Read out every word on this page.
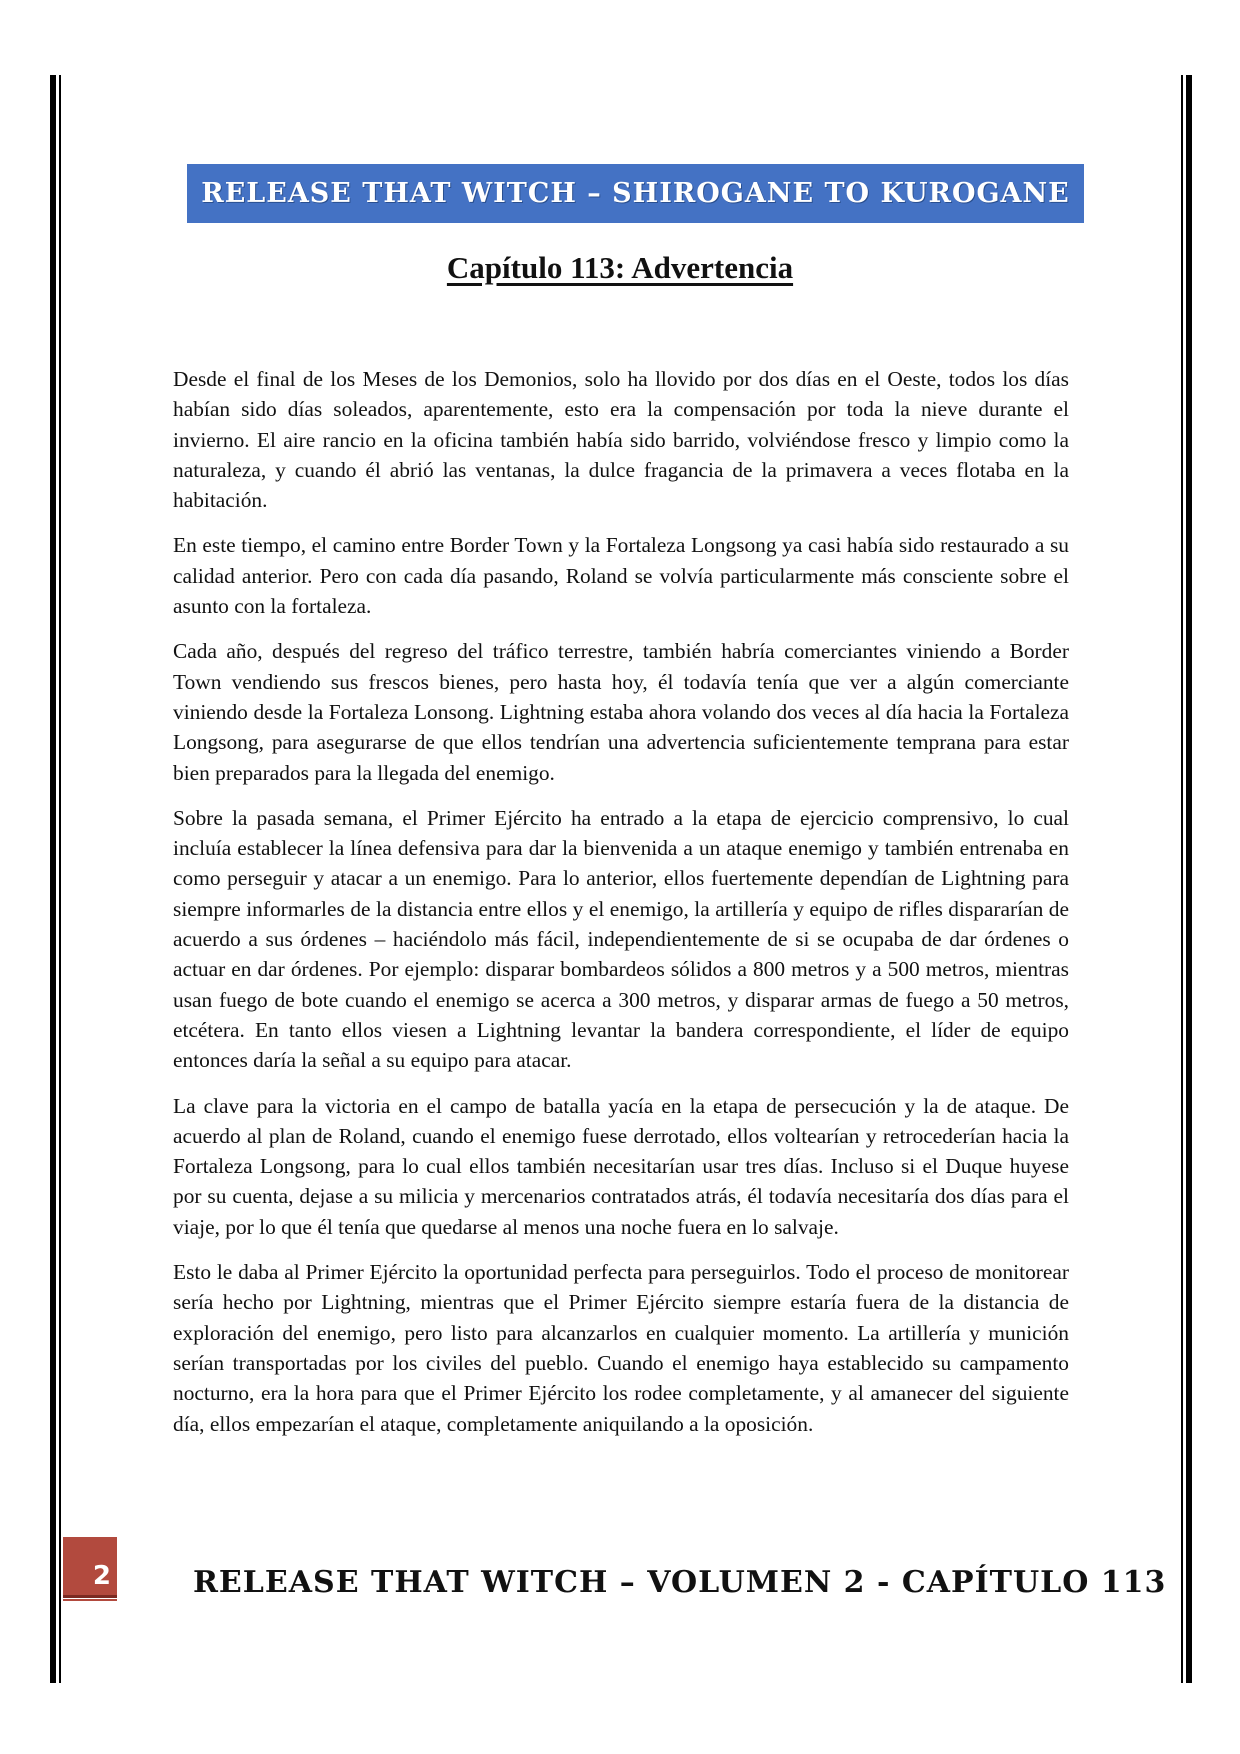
RELEASE THAT WITCH – SHIROGANE TO KUROGANE
Capítulo 113: Advertencia

Desde el final de los Meses de los Demonios, solo ha llovido por dos días en el Oeste, todos los días habían sido días soleados, aparentemente, esto era la compensación por toda la nieve durante el invierno. El aire rancio en la oficina también había sido barrido, volviéndose fresco y limpio como la naturaleza, y cuando él abrió las ventanas, la dulce fragancia de la primavera a veces flotaba en la habitación.

En este tiempo, el camino entre Border Town y la Fortaleza Longsong ya casi había sido restaurado a su calidad anterior. Pero con cada día pasando, Roland se volvía particularmente más consciente sobre el asunto con la fortaleza.

Cada año, después del regreso del tráfico terrestre, también habría comerciantes viniendo a Border Town vendiendo sus frescos bienes, pero hasta hoy, él todavía tenía que ver a algún comerciante viniendo desde la Fortaleza Lonsong. Lightning estaba ahora volando dos veces al día hacia la Fortaleza Longsong, para asegurarse de que ellos tendrían una advertencia suficientemente temprana para estar bien preparados para la llegada del enemigo.

Sobre la pasada semana, el Primer Ejército ha entrado a la etapa de ejercicio comprensivo, lo cual incluía establecer la línea defensiva para dar la bienvenida a un ataque enemigo y también entrenaba en como perseguir y atacar a un enemigo. Para lo anterior, ellos fuertemente dependían de Lightning para siempre informarles de la distancia entre ellos y el enemigo, la artillería y equipo de rifles dispararían de acuerdo a sus órdenes – haciéndolo más fácil, independientemente de si se ocupaba de dar órdenes o actuar en dar órdenes. Por ejemplo: disparar bombardeos sólidos a 800 metros y a 500 metros, mientras usan fuego de bote cuando el enemigo se acerca a 300 metros, y disparar armas de fuego a 50 metros, etcétera. En tanto ellos viesen a Lightning levantar la bandera correspondiente, el líder de equipo entonces daría la señal a su equipo para atacar.

La clave para la victoria en el campo de batalla yacía en la etapa de persecución y la de ataque. De acuerdo al plan de Roland, cuando el enemigo fuese derrotado, ellos voltearían y retrocederían hacia la Fortaleza Longsong, para lo cual ellos también necesitarían usar tres días. Incluso si el Duque huyese por su cuenta, dejase a su milicia y mercenarios contratados atrás, él todavía necesitaría dos días para el viaje, por lo que él tenía que quedarse al menos una noche fuera en lo salvaje.

Esto le daba al Primer Ejército la oportunidad perfecta para perseguirlos. Todo el proceso de monitorear sería hecho por Lightning, mientras que el Primer Ejército siempre estaría fuera de la distancia de exploración del enemigo, pero listo para alcanzarlos en cualquier momento. La artillería y munición serían transportadas por los civiles del pueblo. Cuando el enemigo haya establecido su campamento nocturno, era la hora para que el Primer Ejército los rodee completamente, y al amanecer del siguiente día, ellos empezarían el ataque, completamente aniquilando a la oposición.

2	RELEASE THAT WITCH – VOLUMEN 2 - CAPÍTULO 113
